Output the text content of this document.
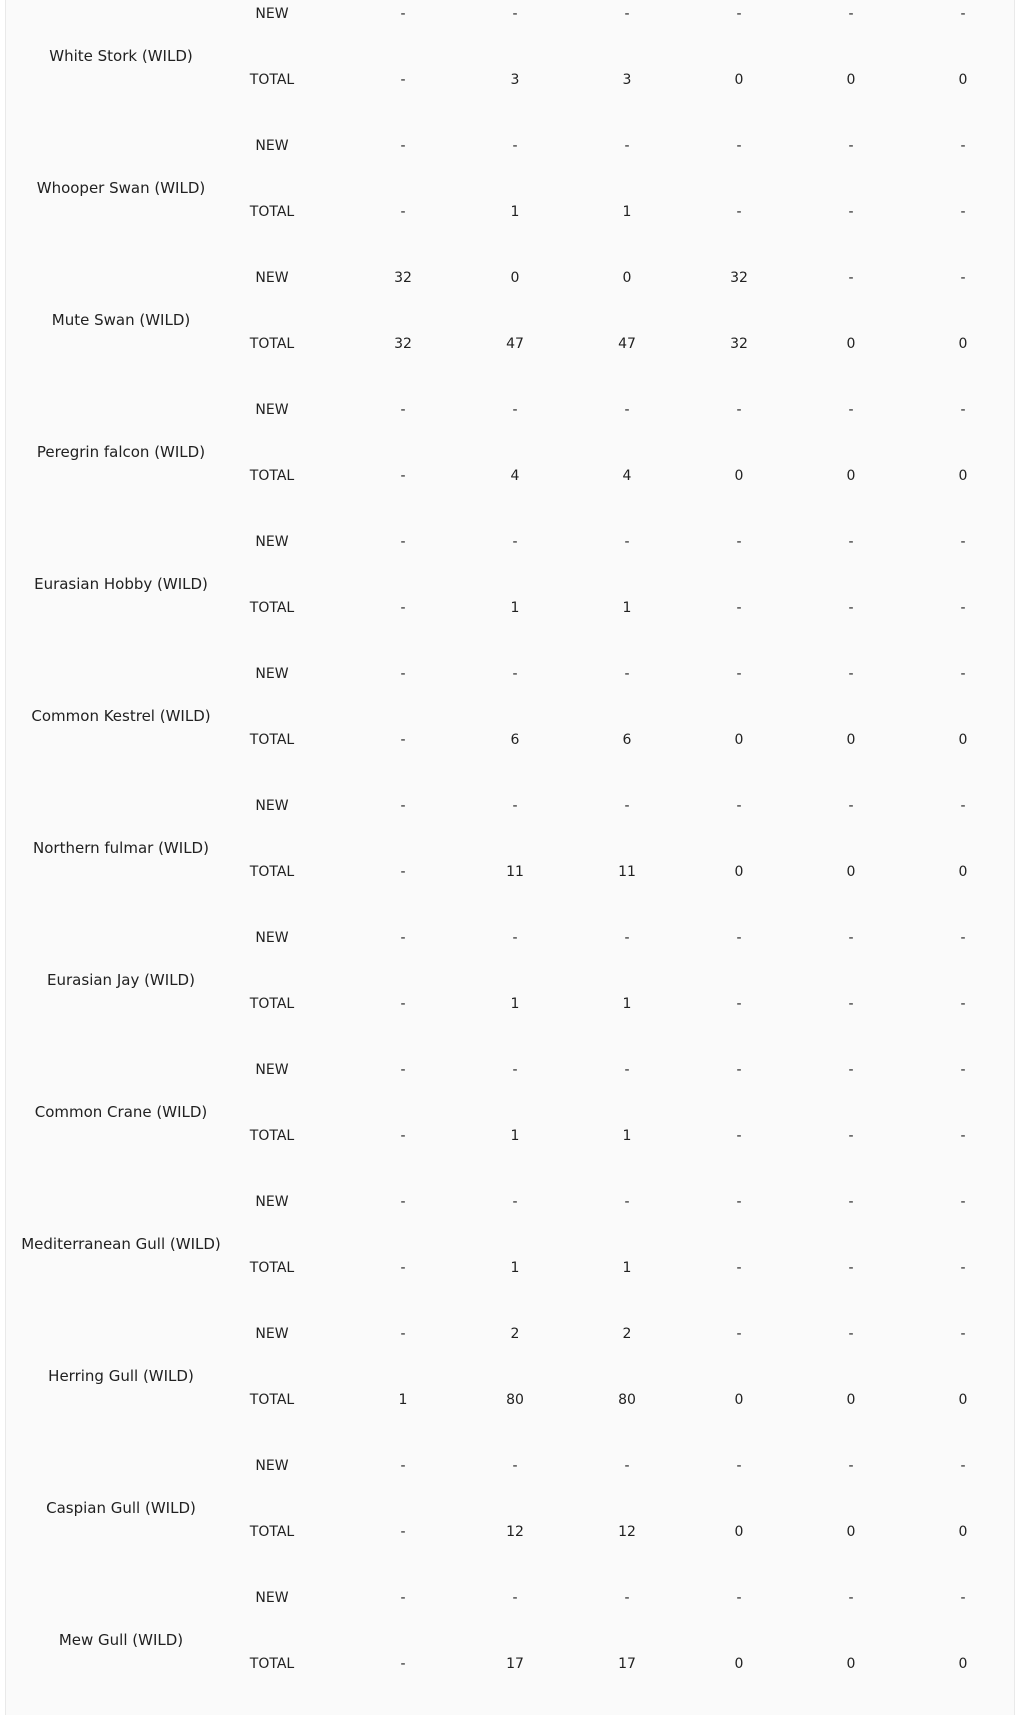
White Stork (WILD)
NEW	-	-	-	-	-	-
TOTAL	-	3	3	0	0	0
Whooper Swan (WILD)
NEW	-	-	-	-	-	-
TOTAL	-	1	1	-	-	-
Mute Swan (WILD)
NEW	32	0	0	32	-	-
TOTAL	32	47	47	32	0	0
Peregrin falcon (WILD)
NEW	-	-	-	-	-	-
TOTAL	-	4	4	0	0	0
Eurasian Hobby (WILD)
NEW	-	-	-	-	-	-
TOTAL	-	1	1	-	-	-
Common Kestrel (WILD)
NEW	-	-	-	-	-	-
TOTAL	-	6	6	0	0	0
Northern fulmar (WILD)
NEW	-	-	-	-	-	-
TOTAL	-	11	11	0	0	0
Eurasian Jay (WILD)
NEW	-	-	-	-	-	-
TOTAL	-	1	1	-	-	-
Common Crane (WILD)
NEW	-	-	-	-	-	-
TOTAL	-	1	1	-	-	-
Mediterranean Gull (WILD)
NEW	-	-	-	-	-	-
TOTAL	-	1	1	-	-	-
Herring Gull (WILD)
NEW	-	2	2	-	-	-
TOTAL	1	80	80	0	0	0
Caspian Gull (WILD)
NEW	-	-	-	-	-	-
TOTAL	-	12	12	0	0	0
Mew Gull (WILD)
NEW	-	-	-	-	-	-
TOTAL	-	17	17	0	0	0
